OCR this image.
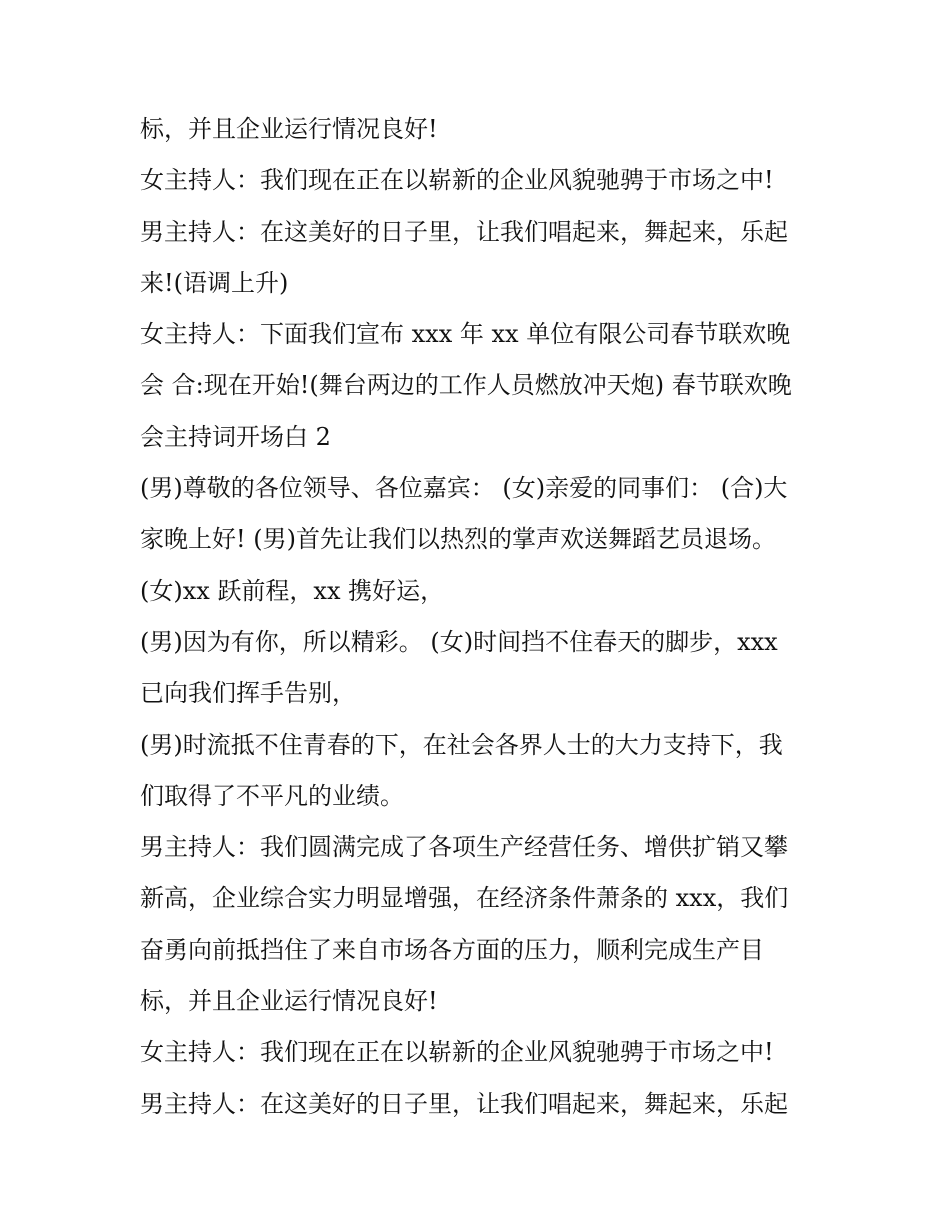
标，并且企业运行情况良好!
女主持人：我们现在正在以崭新的企业风貌驰骋于市场之中!
男主持人：在这美好的日子里，让我们唱起来，舞起来，乐起
来!(语调上升)
女主持人：下面我们宣布 xxx 年 xx 单位有限公司春节联欢晚
会 合:现在开始!(舞台两边的工作人员燃放冲天炮) 春节联欢晚
会主持词开场白 2
(男)尊敬的各位领导、各位嘉宾： (女)亲爱的同事们： (合)大
家晚上好! (男)首先让我们以热烈的掌声欢送舞蹈艺员退场。
(女)xx 跃前程，xx 携好运，
(男)因为有你，所以精彩。 (女)时间挡不住春天的脚步，xxx
已向我们挥手告别，
(男)时流抵不住青春的下，在社会各界人士的大力支持下，我
们取得了不平凡的业绩。
男主持人：我们圆满完成了各项生产经营任务、增供扩销又攀
新高，企业综合实力明显增强，在经济条件萧条的 xxx，我们
奋勇向前抵挡住了来自市场各方面的压力，顺利完成生产目
标，并且企业运行情况良好!
女主持人：我们现在正在以崭新的企业风貌驰骋于市场之中!
男主持人：在这美好的日子里，让我们唱起来，舞起来，乐起
